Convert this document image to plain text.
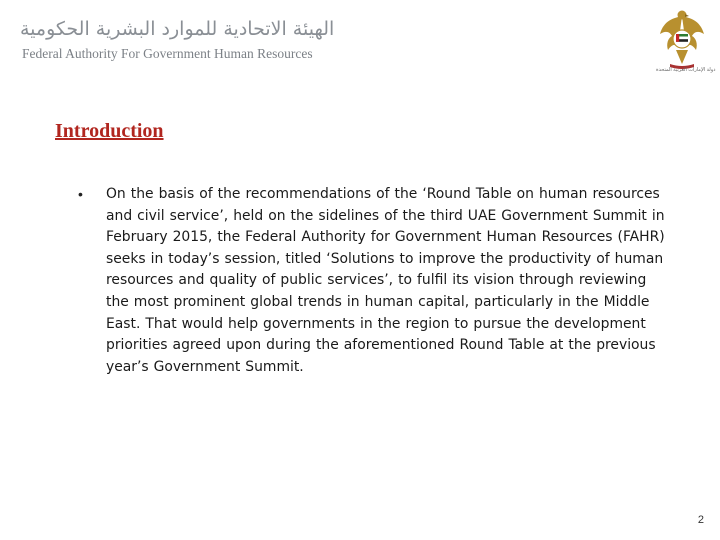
الهيئة الاتحادية للموارد البشرية الحكومية
Federal Authority For Government Human Resources
دولة الإمارات العربية المتحدة
Introduction
• On the basis of the recommendations of the ‘Round Table on human resources and civil service’, held on the sidelines of the third UAE Government Summit in February 2015, the Federal Authority for Government Human Resources (FAHR) seeks in today’s session, titled ‘Solutions to improve the productivity of human resources and quality of public services’, to fulfil its vision through reviewing the most prominent global trends in human capital, particularly in the Middle East. That would help governments in the region to pursue the development priorities agreed upon during the aforementioned Round Table at the previous year’s Government Summit.
2
